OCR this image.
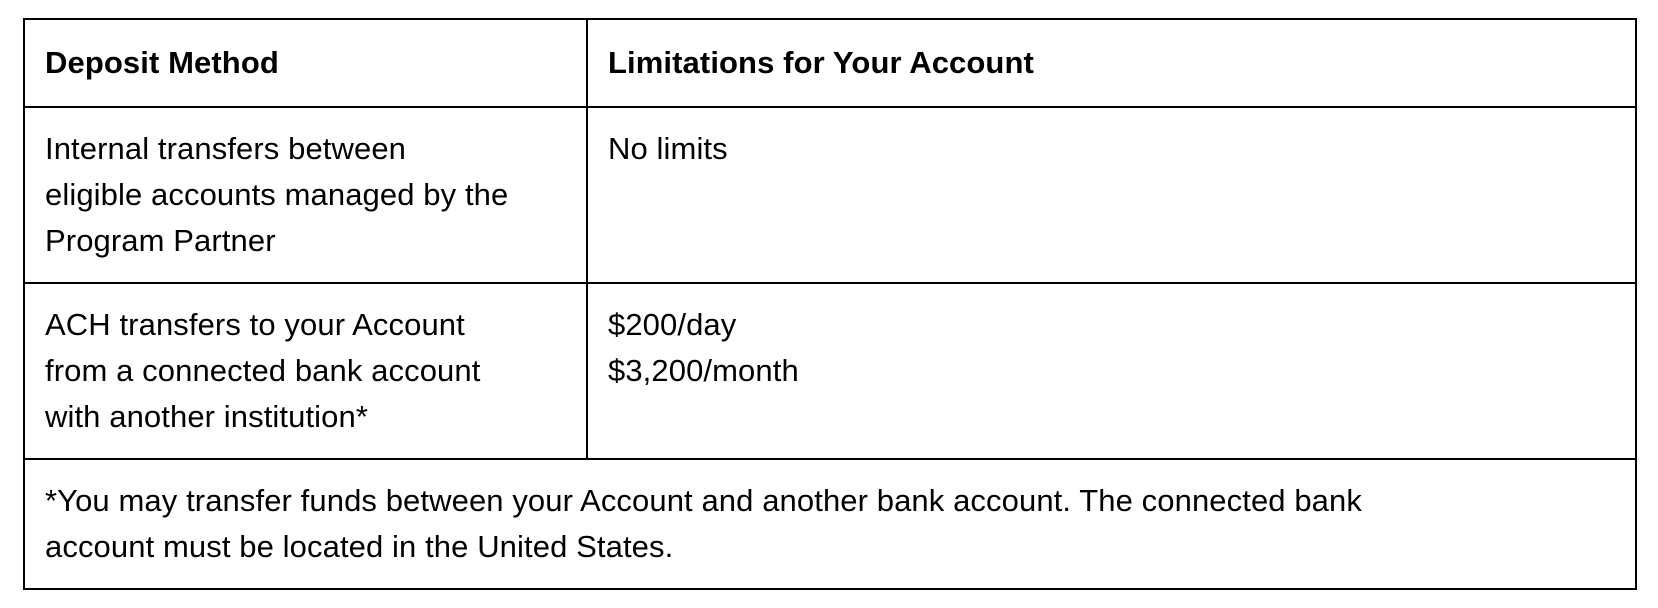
Deposit Method	Limitations for Your Account

Internal transfers between
eligible accounts managed by the
Program Partner	No limits

ACH transfers to your Account
from a connected bank account
with another institution*	$200/day
$3,200/month

*You may transfer funds between your Account and another bank account. The connected bank
account must be located in the United States.	
